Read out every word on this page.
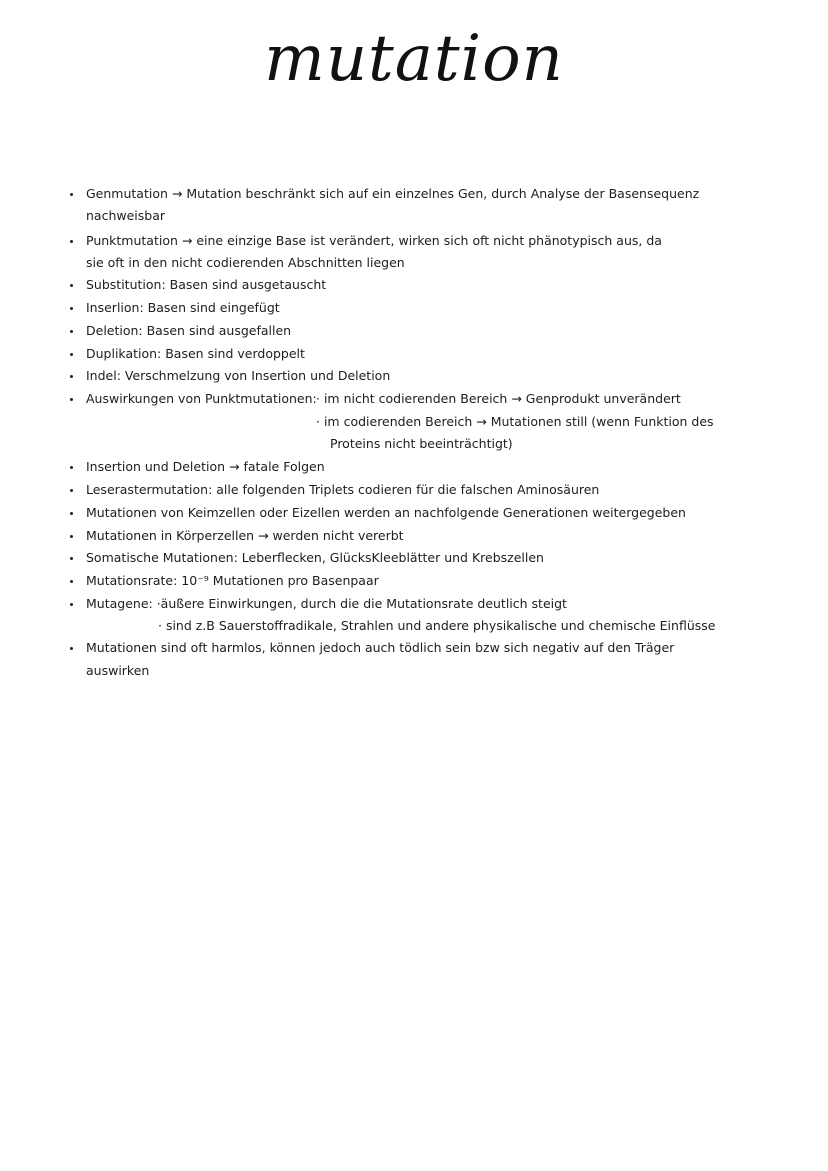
mutation
Genmutation → Mutation beschränkt sich auf ein einzelnes Gen, durch Analyse der Basensequenz
nachweisbar
Punktmutation → eine einzige Base ist verändert, wirken sich oft nicht phänotypisch aus, da
sie oft in den nicht codierenden Abschnitten liegen
Substitution: Basen sind ausgetauscht
Inserlion: Basen sind eingefügt
Deletion: Basen sind ausgefallen
Duplikation: Basen sind verdoppelt
Indel: Verschmelzung von Insertion und Deletion
Auswirkungen von Punktmutationen: · im nicht codierenden Bereich → Genprodukt unverändert
· im codierenden Bereich → Mutationen still (wenn Funktion des
Proteins nicht beeinträchtigt)
Insertion und Deletion → fatale Folgen
Leserastermutation: alle folgenden Triplets codieren für die falschen Aminosäuren
Mutationen von Keimzellen oder Eizellen werden an nachfolgende Generationen weitergegeben
Mutationen in Körperzellen → werden nicht vererbt
Somatische Mutationen: Leberflecken, GlücksKleeblätter und Krebszellen
Mutationsrate: 10⁻⁹ Mutationen pro Basenpaar
Mutagene: ·äußere Einwirkungen, durch die die Mutationsrate deutlich steigt
· sind z.B Sauerstoffradikale, Strahlen und andere physikalische und chemische Einflüsse
Mutationen sind oft harmlos, können jedoch auch tödlich sein bzw sich negativ auf den Träger
auswirken
